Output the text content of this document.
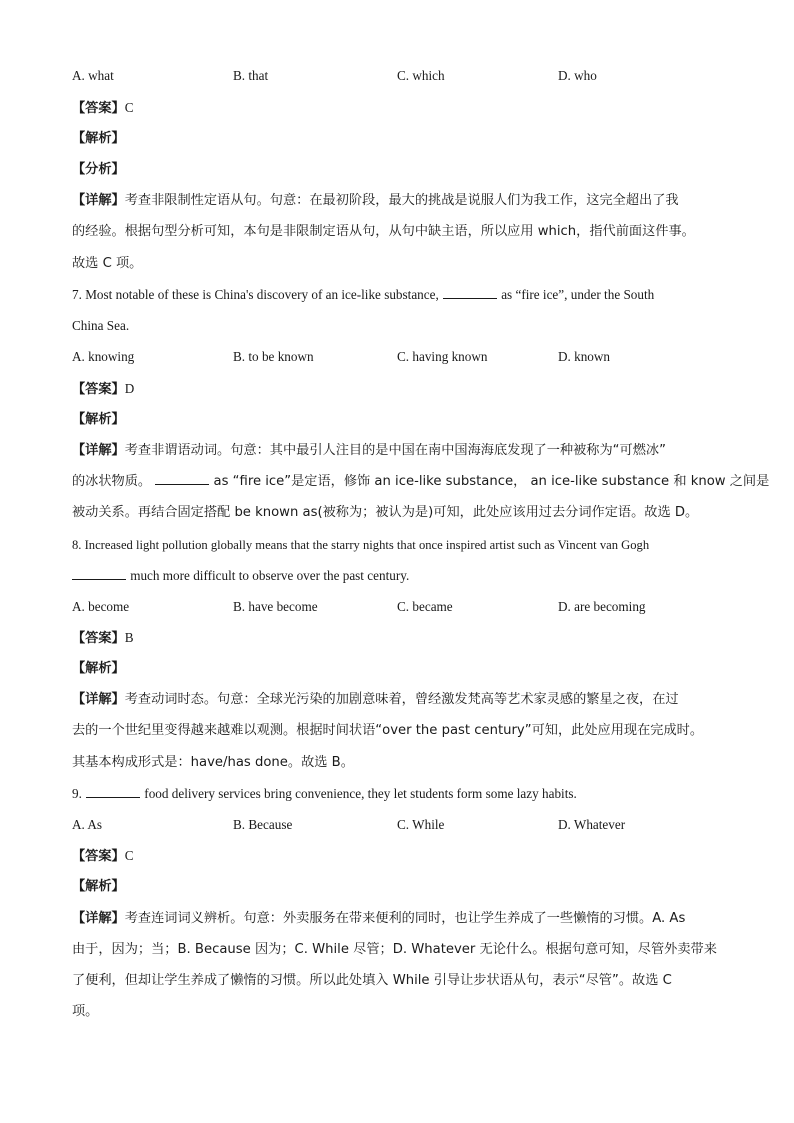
A. what	B. that	C. which	D. who
【答案】C
【解析】
【分析】
【详解】考查非限制性定语从句。句意：在最初阶段，最大的挑战是说服人们为我工作，这完全超出了我
的经验。根据句型分析可知，本句是非限制定语从句，从句中缺主语，所以应用 which，指代前面这件事。
故选 C 项。
7. Most notable of these is China's discovery of an ice-like substance,	as “fire ice”, under the South
China Sea.
A. knowing	B. to be known	C. having known	D. known
【答案】D
【解析】
【详解】考查非谓语动词。句意：其中最引人注目的是中国在南中国海海底发现了一种被称为“可燃冰”
的冰状物质。	as “fire ice”是定语，修饰 an ice-like substance， an ice-like substance 和 know 之间是
被动关系。再结合固定搭配 be known as(被称为；被认为是)可知，此处应该用过去分词作定语。故选 D。
8. Increased light pollution globally means that the starry nights that once inspired artist such as Vincent van Gogh
much more difficult to observe over the past century.
A. become	B. have become	C. became	D. are becoming
【答案】B
【解析】
【详解】考查动词时态。句意：全球光污染的加剧意味着，曾经激发梵高等艺术家灵感的繁星之夜，在过
去的一个世纪里变得越来越难以观测。根据时间状语“over the past century”可知，此处应用现在完成时。
其基本构成形式是：have/has done。故选 B。
9.	food delivery services bring convenience, they let students form some lazy habits.
A. As	B. Because	C. While	D. Whatever
【答案】C
【解析】
【详解】考查连词词义辨析。句意：外卖服务在带来便利的同时，也让学生养成了一些懒惰的习惯。A. As
由于，因为；当；B. Because 因为；C. While 尽管；D. Whatever 无论什么。根据句意可知，尽管外卖带来
了便利，但却让学生养成了懒惰的习惯。所以此处填入 While 引导让步状语从句，表示“尽管”。故选 C
项。
